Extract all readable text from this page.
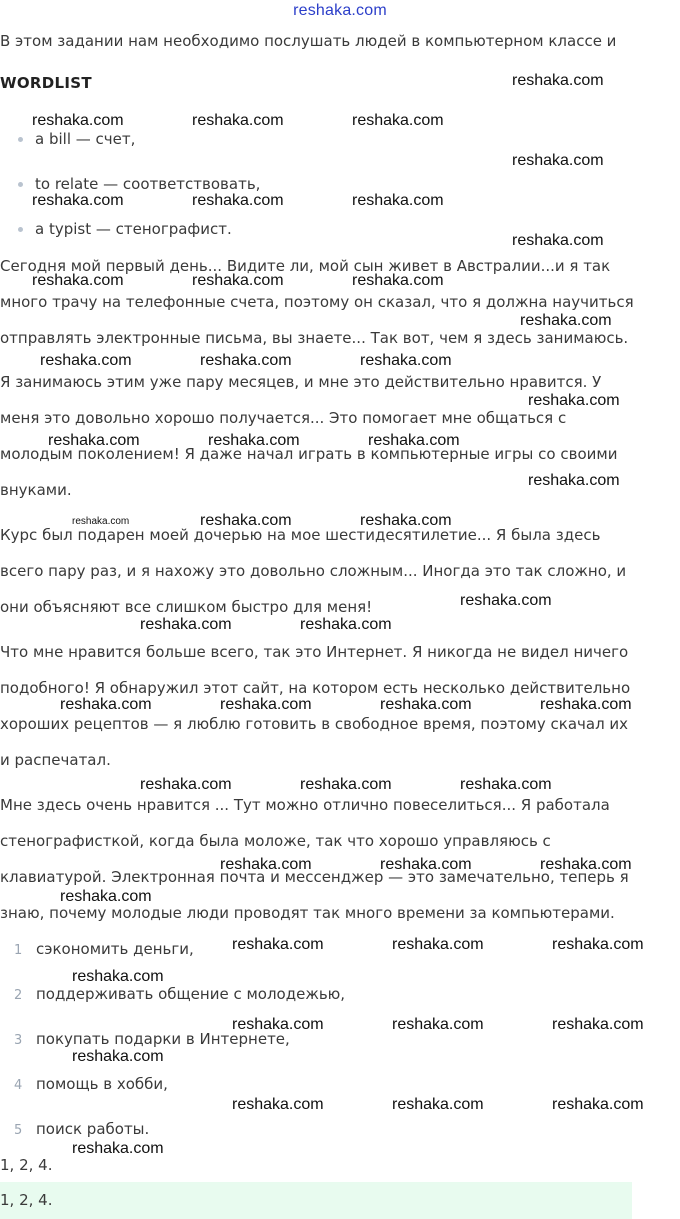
reshaka.com
В этом задании нам необходимо послушать людей в компьютерном классе и
WORDLIST
a bill — счет,
to relate — соответствовать,
a typist — стенографист.
Сегодня мой первый день... Видите ли, мой сын живет в Австралии...и я так
много трачу на телефонные счета, поэтому он сказал, что я должна научиться
отправлять электронные письма, вы знаете... Так вот, чем я здесь занимаюсь.
Я занимаюсь этим уже пару месяцев, и мне это действительно нравится. У
меня это довольно хорошо получается... Это помогает мне общаться с
молодым поколением! Я даже начал играть в компьютерные игры со своими
внуками.
Курс был подарен моей дочерью на мое шестидесятилетие... Я была здесь
всего пару раз, и я нахожу это довольно сложным... Иногда это так сложно, и
они объясняют все слишком быстро для меня!
Что мне нравится больше всего, так это Интернет. Я никогда не видел ничего
подобного! Я обнаружил этот сайт, на котором есть несколько действительно
хороших рецептов — я люблю готовить в свободное время, поэтому скачал их
и распечатал.
Мне здесь очень нравится ... Тут можно отлично повеселиться... Я работала
стенографисткой, когда была моложе, так что хорошо управляюсь с
клавиатурой. Электронная почта и мессенджер — это замечательно, теперь я
знаю, почему молодые люди проводят так много времени за компьютерами.
1 сэкономить деньги,
2 поддерживать общение с молодежью,
3 покупать подарки в Интернете,
4 помощь в хобби,
5 поиск работы.
1, 2, 4.
1, 2, 4.
reshaka.com
reshaka.com	reshaka.com	reshaka.com
reshaka.com
reshaka.com	reshaka.com	reshaka.com
reshaka.com
reshaka.com	reshaka.com	reshaka.com
reshaka.com
reshaka.com	reshaka.com	reshaka.com
reshaka.com
reshaka.com	reshaka.com	reshaka.com
reshaka.com
reshaka.com	reshaka.com	reshaka.com
reshaka.com
reshaka.com	reshaka.com
reshaka.com	reshaka.com	reshaka.com	reshaka.com
reshaka.com	reshaka.com	reshaka.com
reshaka.com	reshaka.com	reshaka.com
reshaka.com
reshaka.com	reshaka.com	reshaka.com
reshaka.com
reshaka.com	reshaka.com	reshaka.com
reshaka.com
reshaka.com	reshaka.com	reshaka.com
reshaka.com
